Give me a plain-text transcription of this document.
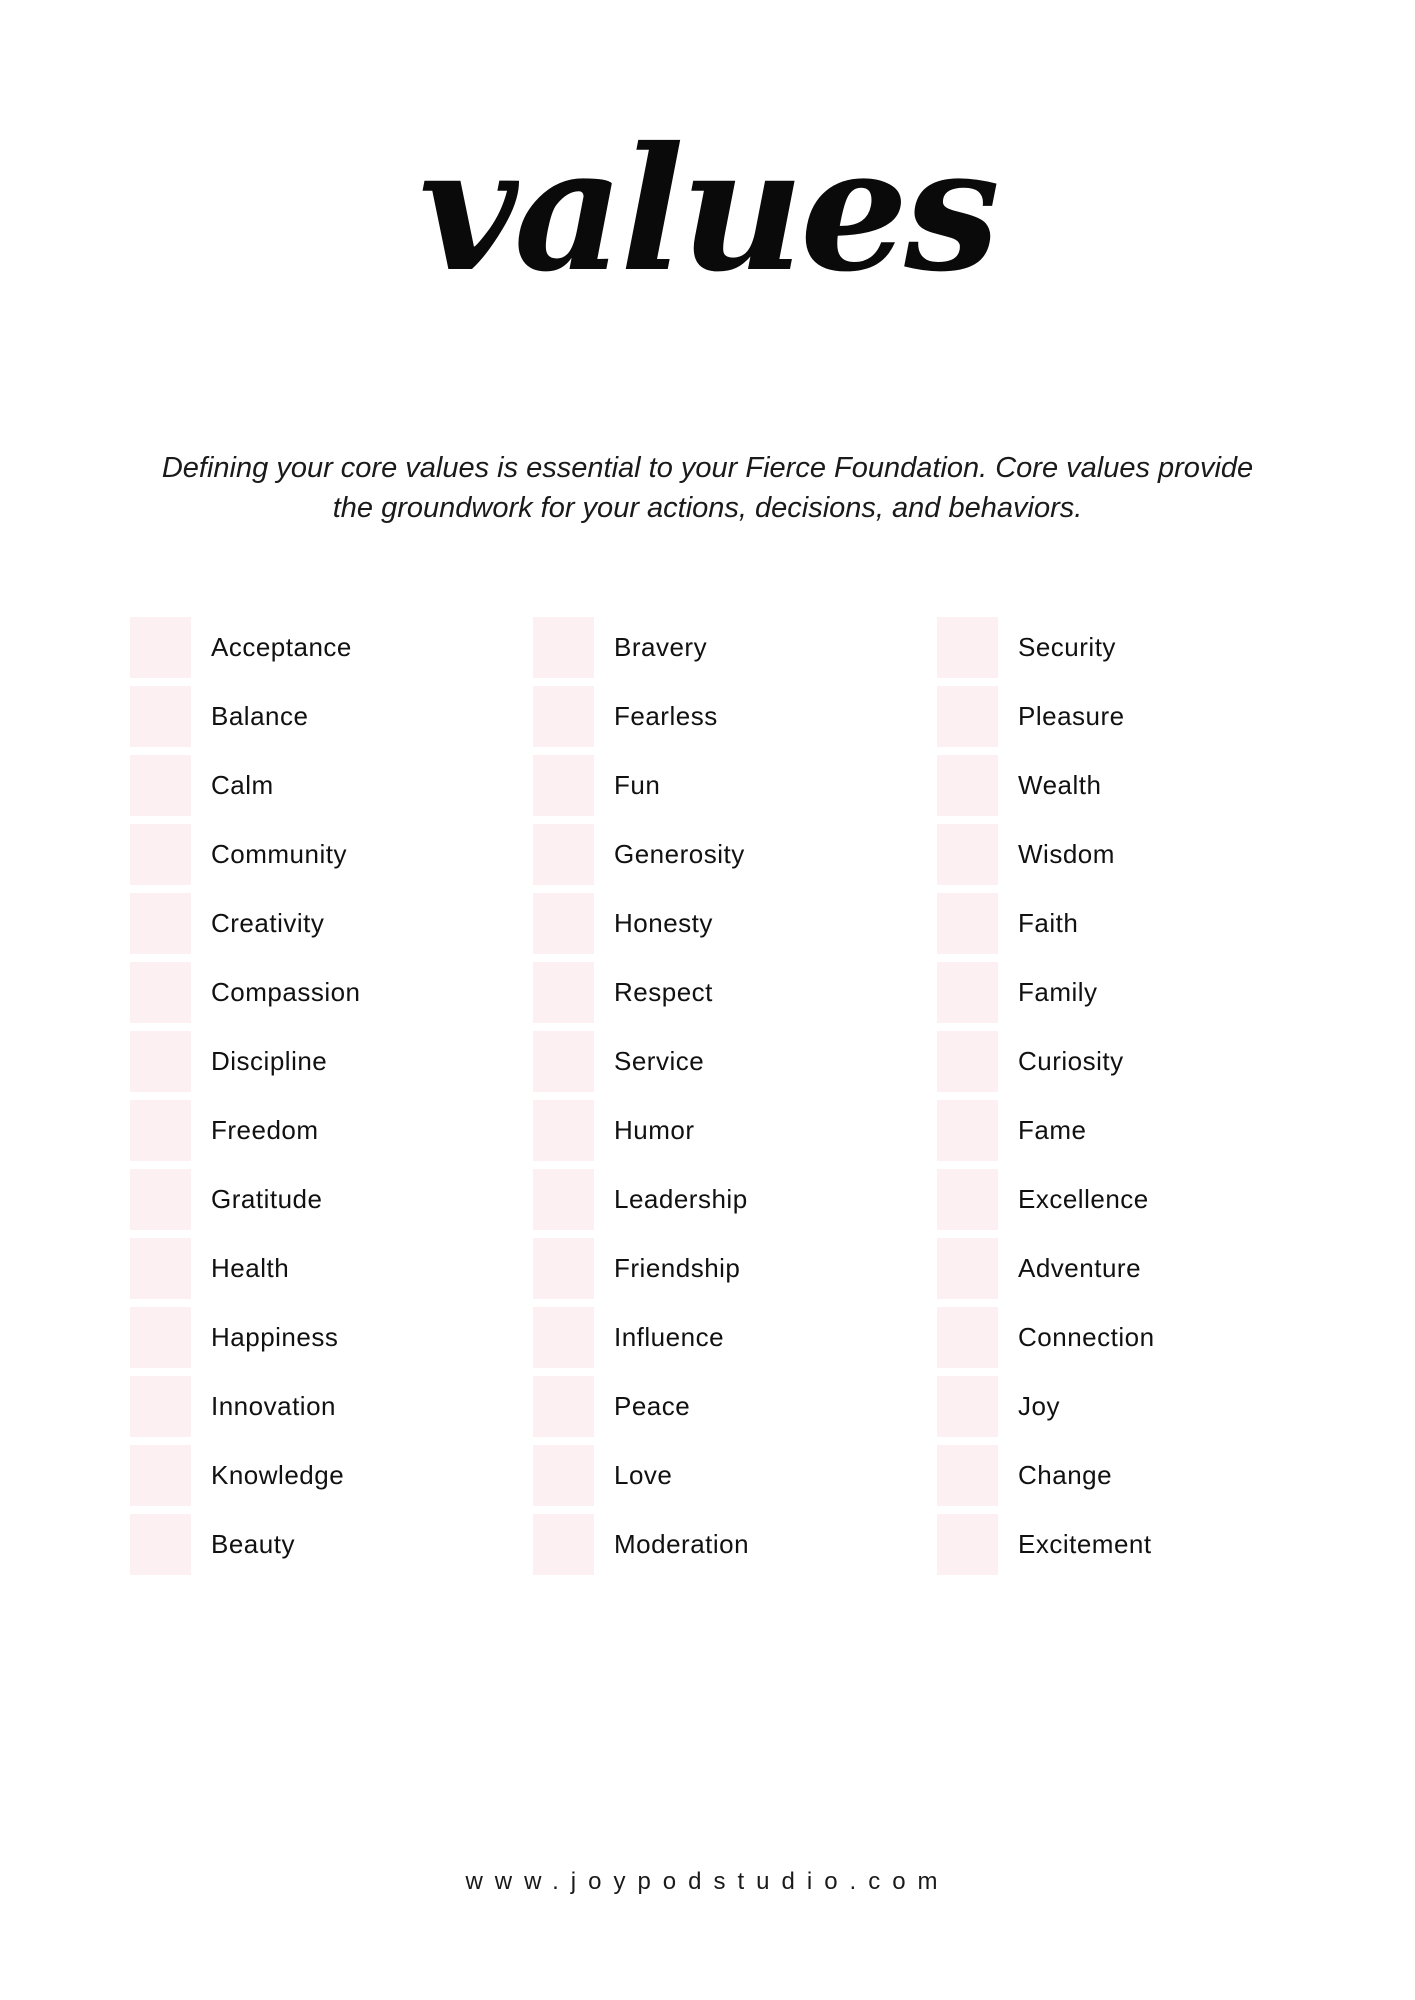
values
Defining your core values is essential to your Fierce Foundation. Core values provide
the groundwork for your actions, decisions, and behaviors.
Acceptance
Balance
Calm
Community
Creativity
Compassion
Discipline
Freedom
Gratitude
Health
Happiness
Innovation
Knowledge
Beauty
Bravery
Fearless
Fun
Generosity
Honesty
Respect
Service
Humor
Leadership
Friendship
Influence
Peace
Love
Moderation
Security
Pleasure
Wealth
Wisdom
Faith
Family
Curiosity
Fame
Excellence
Adventure
Connection
Joy
Change
Excitement
www.joypodstudio.com
